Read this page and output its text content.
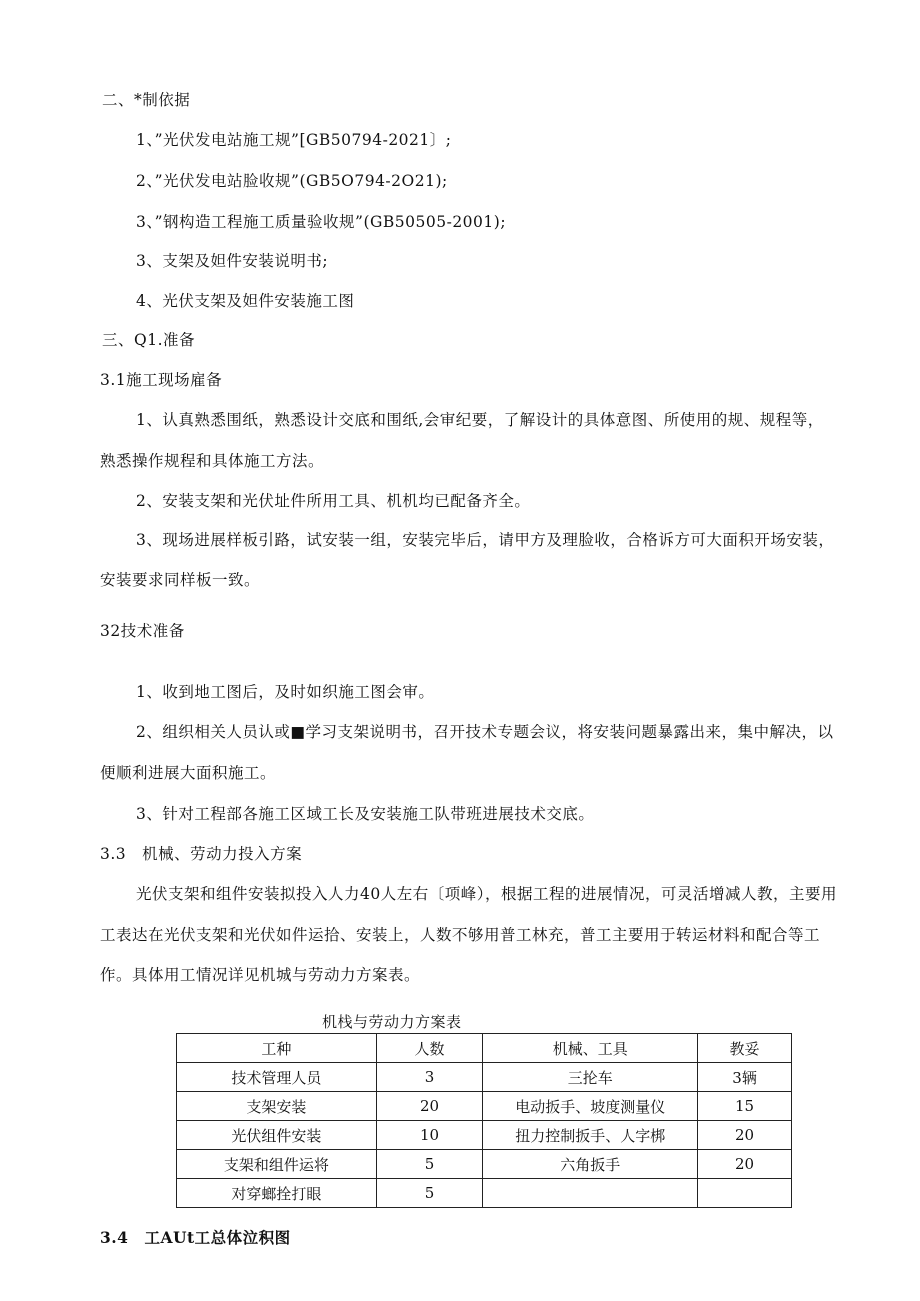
二、*制依据
1、”光伏发电站施工规”[GB50794-2021〕;
2、”光伏发电站脸收规”(GB5O794-2O21);
3、”钢构造工程施工质量验收规”(GB50505-2001);
3、支架及妲件安装说明书;
4、光伏支架及妲件安装施工图
三、Q1.准备
3.1施工现场雇备
1、认真熟悉围纸，熟悉设计交底和围纸,会审纪要，了解设计的具体意图、所使用的规、规程等，
熟悉操作规程和具体施工方法。
2、安装支架和光伏址件所用工具、机机均已配备齐全。
3、现场进展样板引路，试安装一组，安装完毕后，请甲方及理脸收，合格诉方可大面积开场安装，
安装要求同样板一致。
32技术准备
1、收到地工图后，及时如织施工图会审。
2、组织相关人员认或■学习支架说明书，召开技术专题会议，将安装问题暴露出来，集中解决，以
便顺利进展大面积施工。
3、针对工程部各施工区域工长及安装施工队带班进展技术交底。
3.3　机械、劳动力投入方案
光伏支架和组件安装拟投入人力40人左右〔项峰），根据工程的进展情况，可灵活增减人教，主要用
工表达在光伏支架和光伏如件运拾、安装上，人数不够用普工林充，普工主要用于转运材料和配合等工
作。具体用工情况详见机城与劳动力方案表。
机栈与劳动力方案表
工种	人数	机械、工具	教妥
技术管理人员	3	三抡车	3辆
支架安装	20	电动扳手、坡度测量仪	15
光伏组件安装	10	扭力控制扳手、人字梆	20
支架和组件运将	5	六角扳手	20
对穿螂拴打眼	5		
3.4　工AUt工总体泣积图
